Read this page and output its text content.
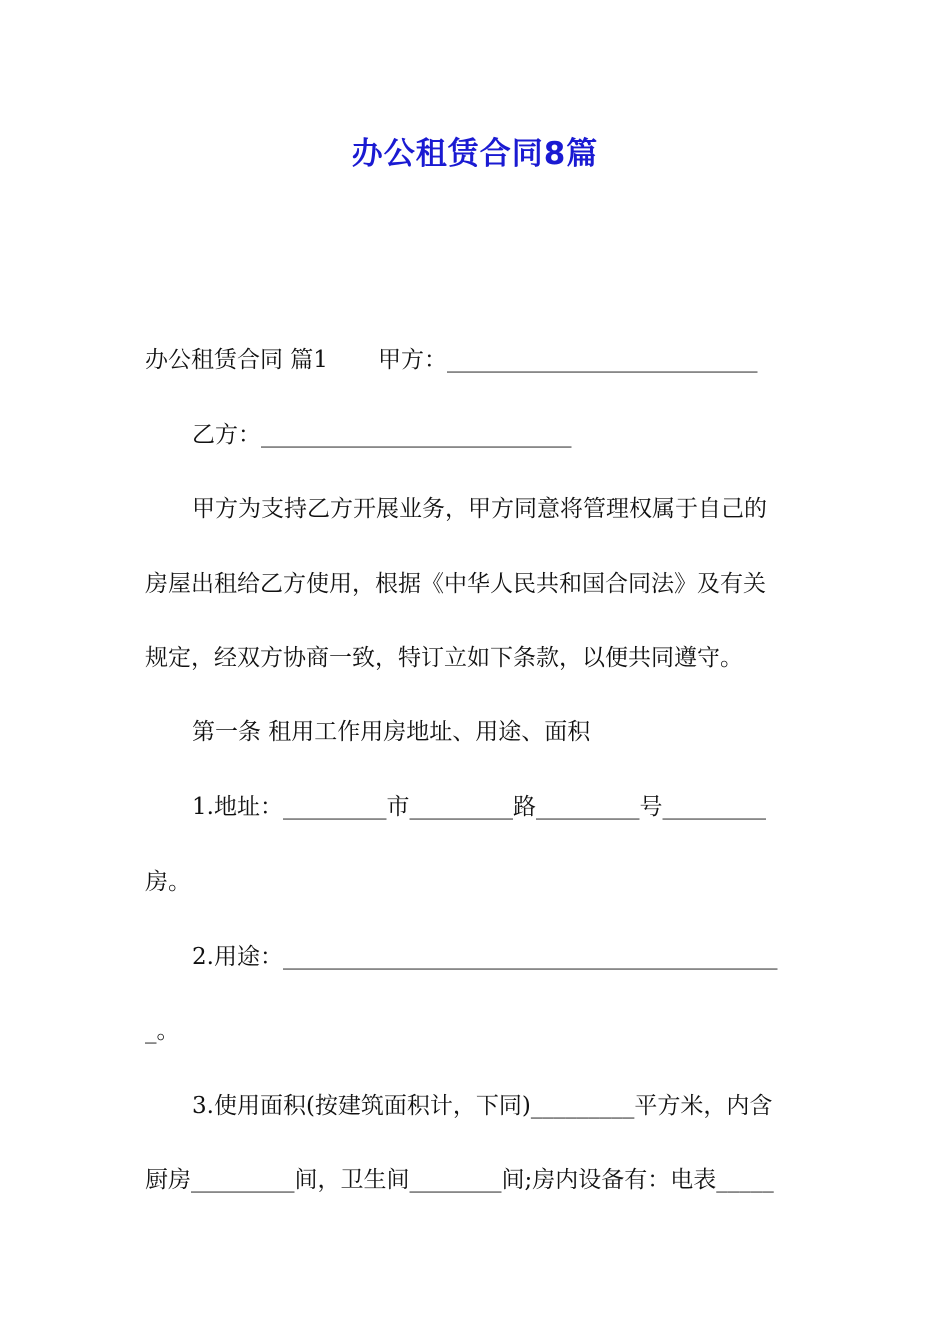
办公租赁合同8篇
办公租赁合同 篇1 甲方：___________________________
乙方：___________________________
甲方为支持乙方开展业务，甲方同意将管理权属于自己的
房屋出租给乙方使用，根据《中华人民共和国合同法》及有关
规定，经双方协商一致，特订立如下条款，以便共同遵守。
第一条 租用工作用房地址、用途、面积
1.地址：_________市_________路_________号_________
房。
2.用途：___________________________________________
_。
3.使用面积(按建筑面积计，下同)_________平方米，内含
厨房_________间，卫生间________间;房内设备有：电表_____
